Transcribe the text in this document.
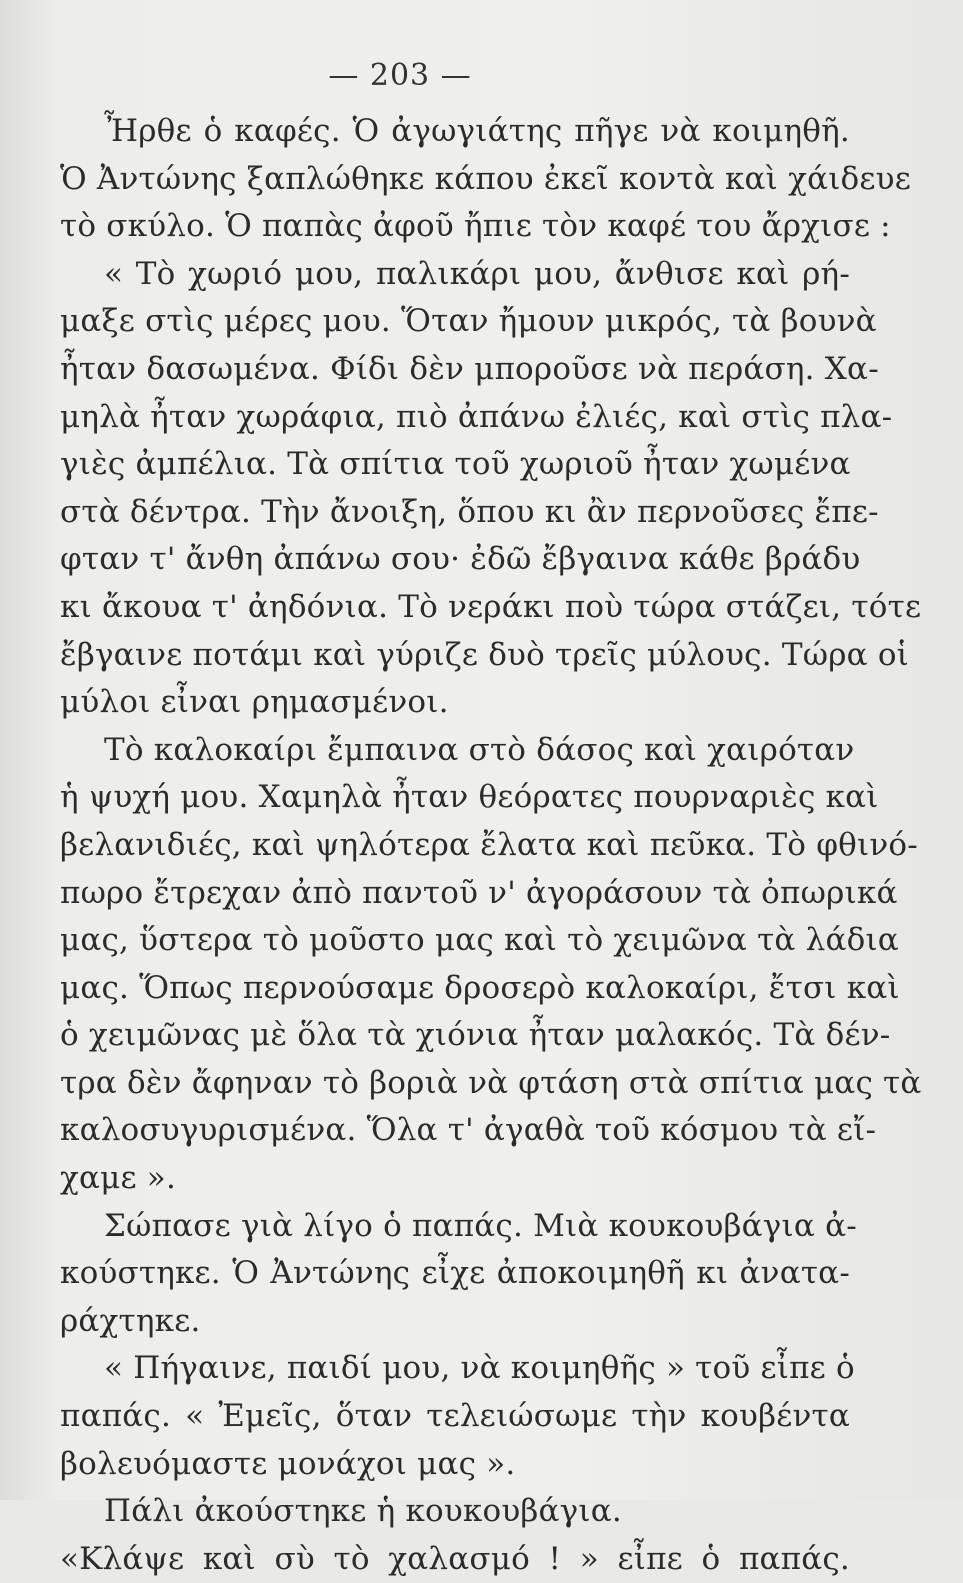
— 203 —
Ἦρθε ὁ καφές. Ὁ ἀγωγιάτης πῆγε νὰ κοιμηθῆ.
Ὁ Ἀντώνης ξαπλώθηκε κάπου ἐκεῖ κοντὰ καὶ χάιδευε
τὸ σκύλο. Ὁ παπὰς ἀφοῦ ἤπιε τὸν καφέ του ἄρχισε :
« Τὸ χωριό μου, παλικάρι μου, ἄνθισε καὶ ρή-
μαξε στὶς μέρες μου. Ὅταν ἤμουν μικρός, τὰ βουνὰ
ἦταν δασωμένα. Φίδι δὲν μποροῦσε νὰ περάση. Χα-
μηλὰ ἦταν χωράφια, πιὸ ἀπάνω ἐλιές, καὶ στὶς πλα-
γιὲς ἀμπέλια. Τὰ σπίτια τοῦ χωριοῦ ἦταν χωμένα
στὰ δέντρα. Τὴν ἄνοιξη, ὅπου κι ἂν περνοῦσες ἔπε-
φταν τ' ἄνθη ἀπάνω σου· ἐδῶ ἔβγαινα κάθε βράδυ
κι ἄκουα τ' ἀηδόνια. Τὸ νεράκι ποὺ τώρα στάζει, τότε
ἔβγαινε ποτάμι καὶ γύριζε δυὸ τρεῖς μύλους. Τώρα οἱ
μύλοι εἶναι ρημασμένοι.
Τὸ καλοκαίρι ἔμπαινα στὸ δάσος καὶ χαιρόταν
ἡ ψυχή μου. Χαμηλὰ ἦταν θεόρατες πουρναριὲς καὶ
βελανιδιές, καὶ ψηλότερα ἔλατα καὶ πεῦκα. Τὸ φθινό-
πωρο ἔτρεχαν ἀπὸ παντοῦ ν' ἀγοράσουν τὰ ὀπωρικά
μας, ὕστερα τὸ μοῦστο μας καὶ τὸ χειμῶνα τὰ λάδια
μας. Ὅπως περνούσαμε δροσερὸ καλοκαίρι, ἔτσι καὶ
ὁ χειμῶνας μὲ ὅλα τὰ χιόνια ἦταν μαλακός. Τὰ δέν-
τρα δὲν ἄφηναν τὸ βοριὰ νὰ φτάση στὰ σπίτια μας τὰ
καλοσυγυρισμένα. Ὅλα τ' ἀγαθὰ τοῦ κόσμου τὰ εἴ-
χαμε ».
Σώπασε γιὰ λίγο ὁ παπάς. Μιὰ κουκουβάγια ἀ-
κούστηκε. Ὁ Ἀντώνης εἶχε ἀποκοιμηθῆ κι ἀνατα-
ράχτηκε.
« Πήγαινε, παιδί μου, νὰ κοιμηθῆς » τοῦ εἶπε ὁ
παπάς. « Ἐμεῖς, ὅταν τελειώσωμε τὴν κουβέντα
βολευόμαστε μονάχοι μας ».
Πάλι ἀκούστηκε ἡ κουκουβάγια.
«Κλάψε καὶ σὺ τὸ χαλασμό ! » εἶπε ὁ παπάς.
